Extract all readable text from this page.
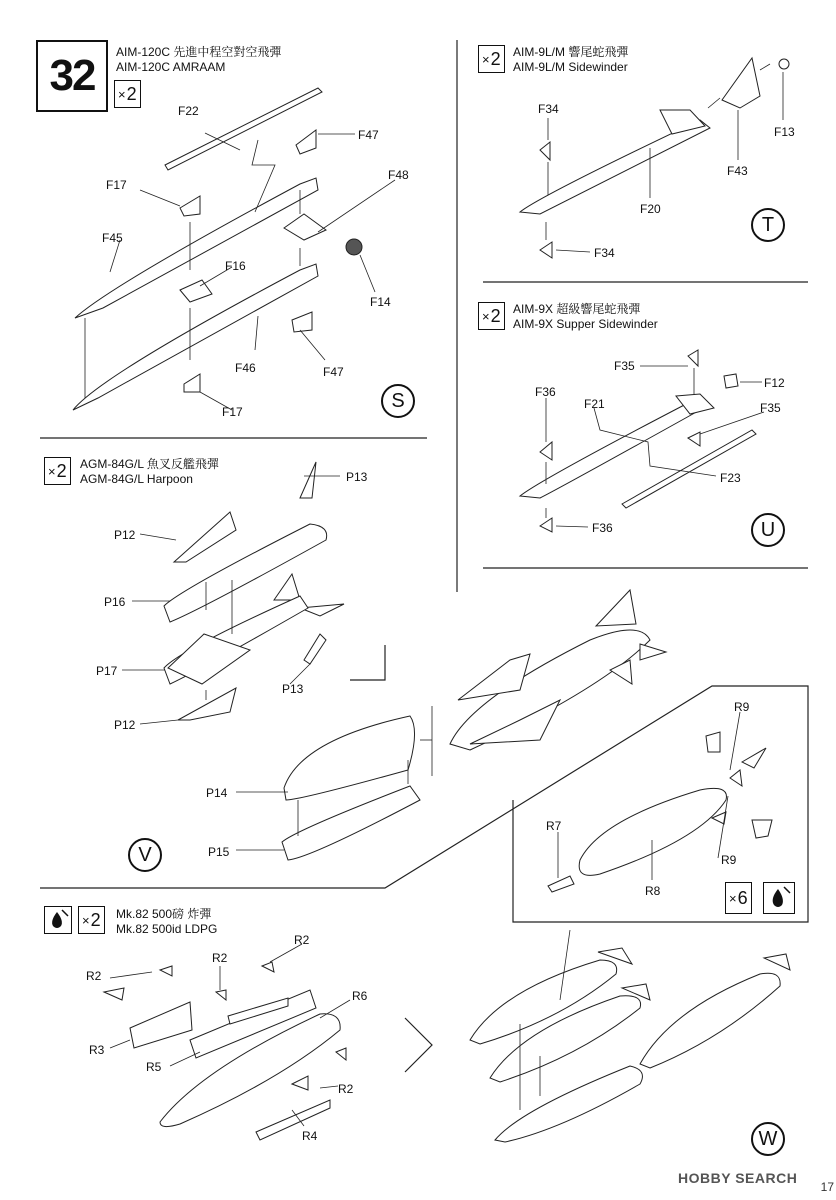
32	AIM-120C 先進中程空對空飛彈
AIM-120C AMRAAM
× 2
F22
F47
F17
F48
F45
F16
F14
F46	F47
F17
S
× 2 AIM-9L/M 響尾蛇飛彈
AIM-9L/M Sidewinder
F34
F13
F43
F20
F34
T
× 2 AIM-9X 超級響尾蛇飛彈
AIM-9X Supper Sidewinder
F35
F12
F36
F21	F35
F23
F36	U
× 2 AGM-84G/L 魚叉反艦飛彈
AGM-84G/L Harpoon	P13
P12
P16
P17
P13
P12
P14
P15
V
R9
R7
R9
R8	× 6
× 2 Mk.82 500磅 炸彈
Mk.82 500id LDPG
R2
R2
R2
R6
R3
R5
R2
R4	W
HOBBY SEARCH
17
